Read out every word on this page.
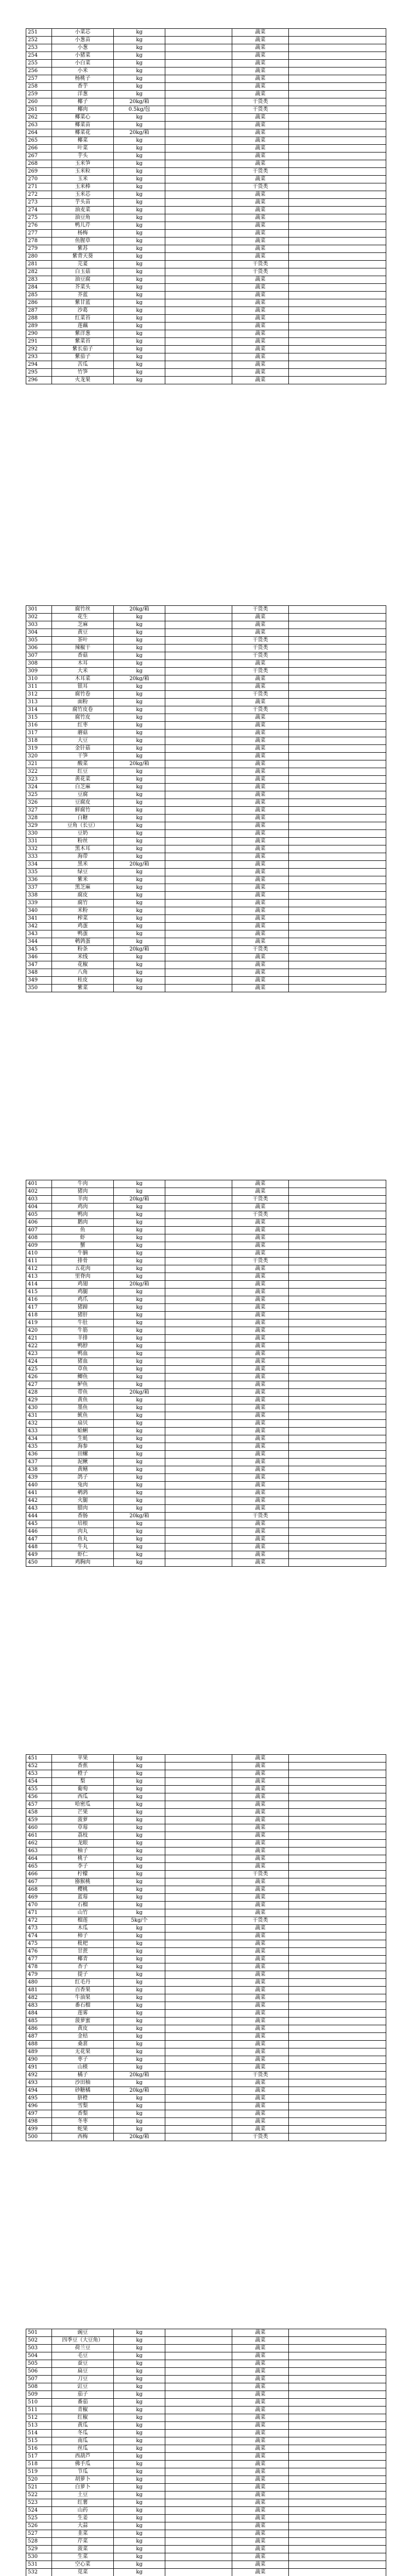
251	小菜芯	kg		蔬菜	
252	小葱苗	kg		蔬菜	
253	小葱	kg		蔬菜	
254	小猪菜	kg		蔬菜	
255	小白菜	kg		蔬菜	
256	小米	kg		蔬菜	
257	杨桃子	kg		蔬菜	
258	香芋	kg		蔬菜	
259	洋葱	kg		蔬菜	
260	椰子	20kg/箱		干货类	
261	椰肉	0.5kg/包		干货类	
262	椰菜心	kg		蔬菜	
263	椰菜苗	kg		蔬菜	
264	椰菜花	20kg/箱		蔬菜	
265	椰菜	kg		蔬菜	
266	叶菜	kg		蔬菜	
267	芋头	kg		蔬菜	
268	玉米笋	kg		蔬菜	
269	玉米粒	kg		干货类	
270	玉米	kg		蔬菜	
271	玉米棒	kg		干货类	
272	玉米芯	kg		蔬菜	
273	芋头苗	kg		蔬菜	
274	油麦菜	kg		蔬菜	
275	油豆角	kg		蔬菜	
276	鸭儿芹	kg		蔬菜	
277	杨梅	kg		蔬菜	
278	鱼腥草	kg		蔬菜	
279	紫苏	kg		蔬菜	
280	紫背天葵	kg		蔬菜	
281	芫荽	kg		干货类	
282	白玉菇	kg		干货类	
283	油豆腐	kg		蔬菜	
284	芥菜头	kg		蔬菜	
285	芥蓝	kg		蔬菜	
286	紫甘蓝	kg		蔬菜	
287	沙葛	kg		蔬菜	
288	红菜苔	kg		蔬菜	
289	莲藕	kg		蔬菜	
290	紫洋葱	kg		蔬菜	
291	紫菜苔	kg		蔬菜	
292	紫长茄子	kg		蔬菜	
293	紫茄子	kg		蔬菜	
294	苦瓜	kg		蔬菜	
295	竹笋	kg		蔬菜	
296	火龙果	kg		蔬菜	
301	腐竹丝	20kg/箱		干货类	
302	花生	kg		蔬菜	
303	芝麻	kg		蔬菜	
304	黄豆	kg		蔬菜	
305	茶叶	kg		干货类	
306	辣椒干	kg		干货类	
307	香菇	kg		干货类	
308	木耳	kg		蔬菜	
309	大米	kg		干货类	
310	木耳菜	20kg/箱		蔬菜	
311	银耳	kg		蔬菜	
312	腐竹卷	kg		干货类	
313	面粉	kg		蔬菜	
314	腐竹皮卷	kg		干货类	
315	腐竹皮	kg		蔬菜	
316	红枣	kg		蔬菜	
317	蘑菇	kg		蔬菜	
318	大豆	kg		蔬菜	
319	金针菇	kg		蔬菜	
320	干笋	kg		蔬菜	
321	酸菜	20kg/箱		蔬菜	
322	红豆	kg		蔬菜	
323	黄花菜	kg		蔬菜	
324	白芝麻	kg		蔬菜	
325	豆腐	kg		蔬菜	
326	豆腐皮	kg		蔬菜	
327	鲜腐竹	kg		蔬菜	
328	白糖	kg		蔬菜	
329	豆角（长豆）	kg		蔬菜	
330	豆奶	kg		蔬菜	
331	粉丝	kg		蔬菜	
332	黑木耳	kg		蔬菜	
333	海带	kg		蔬菜	
334	黑米	20kg/箱		蔬菜	
335	绿豆	kg		蔬菜	
336	紫米	kg		蔬菜	
337	黑芝麻	kg		蔬菜	
338	腐皮	kg		蔬菜	
339	腐竹	kg		蔬菜	
340	米粉	kg		蔬菜	
341	榨菜	kg		蔬菜	
342	鸡蛋	kg		蔬菜	
343	鸭蛋	kg		蔬菜	
344	鹌鹑蛋	kg		蔬菜	
345	粉条	20kg/箱		干货类	
346	米线	kg		蔬菜	
347	花椒	kg		蔬菜	
348	八角	kg		蔬菜	
349	桂皮	kg		蔬菜	
350	紫菜	kg		蔬菜	
401	牛肉	kg		蔬菜	
402	猪肉	kg		蔬菜	
403	羊肉	20kg/箱		干货类	
404	鸡肉	kg		蔬菜	
405	鸭肉	kg		干货类	
406	鹅肉	kg		蔬菜	
407	鱼	kg		蔬菜	
408	虾	kg		蔬菜	
409	蟹	kg		蔬菜	
410	牛腩	kg		蔬菜	
411	排骨	kg		干货类	
412	五花肉	kg		蔬菜	
413	里脊肉	kg		蔬菜	
414	鸡翅	20kg/箱		蔬菜	
415	鸡腿	kg		蔬菜	
416	鸡爪	kg		蔬菜	
417	猪蹄	kg		蔬菜	
418	猪肝	kg		蔬菜	
419	牛肚	kg		蔬菜	
420	牛筋	kg		蔬菜	
421	羊排	kg		蔬菜	
422	鸭脖	kg		蔬菜	
423	鸭血	kg		蔬菜	
424	猪血	kg		蔬菜	
425	草鱼	kg		蔬菜	
426	鲫鱼	kg		蔬菜	
427	鲈鱼	kg		蔬菜	
428	带鱼	20kg/箱		蔬菜	
429	黄鱼	kg		蔬菜	
430	墨鱼	kg		蔬菜	
431	鱿鱼	kg		蔬菜	
432	扇贝	kg		蔬菜	
433	蛤蜊	kg		蔬菜	
434	生蚝	kg		蔬菜	
435	海参	kg		蔬菜	
436	田螺	kg		蔬菜	
437	泥鳅	kg		蔬菜	
438	黄鳝	kg		蔬菜	
439	鸽子	kg		蔬菜	
440	兔肉	kg		蔬菜	
441	鹌鹑	kg		蔬菜	
442	火腿	kg		蔬菜	
443	腊肉	kg		蔬菜	
444	香肠	20kg/箱		干货类	
445	培根	kg		蔬菜	
446	肉丸	kg		蔬菜	
447	鱼丸	kg		蔬菜	
448	牛丸	kg		蔬菜	
449	虾仁	kg		蔬菜	
450	鸡胸肉	kg		蔬菜	
451	苹果	kg		蔬菜	
452	香蕉	kg		蔬菜	
453	橙子	kg		蔬菜	
454	梨	kg		蔬菜	
455	葡萄	kg		蔬菜	
456	西瓜	kg		蔬菜	
457	哈密瓜	kg		蔬菜	
458	芒果	kg		蔬菜	
459	菠萝	kg		蔬菜	
460	草莓	kg		蔬菜	
461	荔枝	kg		蔬菜	
462	龙眼	kg		蔬菜	
463	柚子	kg		蔬菜	
464	桃子	kg		蔬菜	
465	李子	kg		蔬菜	
466	柠檬	kg		干货类	
467	猕猴桃	kg		蔬菜	
468	樱桃	kg		蔬菜	
469	蓝莓	kg		蔬菜	
470	石榴	kg		蔬菜	
471	山竹	kg		蔬菜	
472	榴莲	5kg/个		干货类	
473	木瓜	kg		蔬菜	
474	柿子	kg		蔬菜	
475	枇杷	kg		蔬菜	
476	甘蔗	kg		蔬菜	
477	椰青	kg		蔬菜	
478	杏子	kg		蔬菜	
479	提子	kg		蔬菜	
480	红毛丹	kg		蔬菜	
481	百香果	kg		蔬菜	
482	牛油果	kg		蔬菜	
483	番石榴	kg		蔬菜	
484	莲雾	kg		蔬菜	
485	菠萝蜜	kg		蔬菜	
486	黄皮	kg		蔬菜	
487	金桔	kg		蔬菜	
488	桑葚	kg		蔬菜	
489	无花果	kg		蔬菜	
490	枣子	kg		蔬菜	
491	山楂	kg		蔬菜	
492	橘子	20kg/箱		干货类	
493	沙田柚	kg		蔬菜	
494	砂糖橘	20kg/箱		蔬菜	
495	脐橙	kg		蔬菜	
496	雪梨	kg		蔬菜	
497	香梨	kg		蔬菜	
498	冬枣	kg		蔬菜	
499	蛇果	kg		蔬菜	
500	西梅	20kg/箱		干货类	
501	豌豆	kg		蔬菜	
502	四季豆（大豆角）	kg		蔬菜	
503	荷兰豆	kg		蔬菜	
504	毛豆	kg		蔬菜	
505	蚕豆	kg		蔬菜	
506	扁豆	kg		蔬菜	
507	刀豆	kg		蔬菜	
508	豇豆	kg		蔬菜	
509	茄子	kg		蔬菜	
510	番茄	kg		蔬菜	
511	青椒	kg		蔬菜	
512	红椒	kg		蔬菜	
513	黄瓜	kg		蔬菜	
514	冬瓜	kg		蔬菜	
515	南瓜	kg		蔬菜	
516	丝瓜	kg		蔬菜	
517	西葫芦	kg		蔬菜	
518	佛手瓜	kg		蔬菜	
519	节瓜	kg		蔬菜	
520	胡萝卜	kg		蔬菜	
521	白萝卜	kg		蔬菜	
522	土豆	kg		蔬菜	
523	红薯	kg		蔬菜	
524	山药	kg		蔬菜	
525	生姜	kg		蔬菜	
526	大蒜	kg		蔬菜	
527	韭菜	kg		蔬菜	
528	芹菜	kg		蔬菜	
529	菠菜	kg		蔬菜	
530	生菜	kg		蔬菜	
531	空心菜	kg		蔬菜	
532	苋菜	kg		蔬菜	
